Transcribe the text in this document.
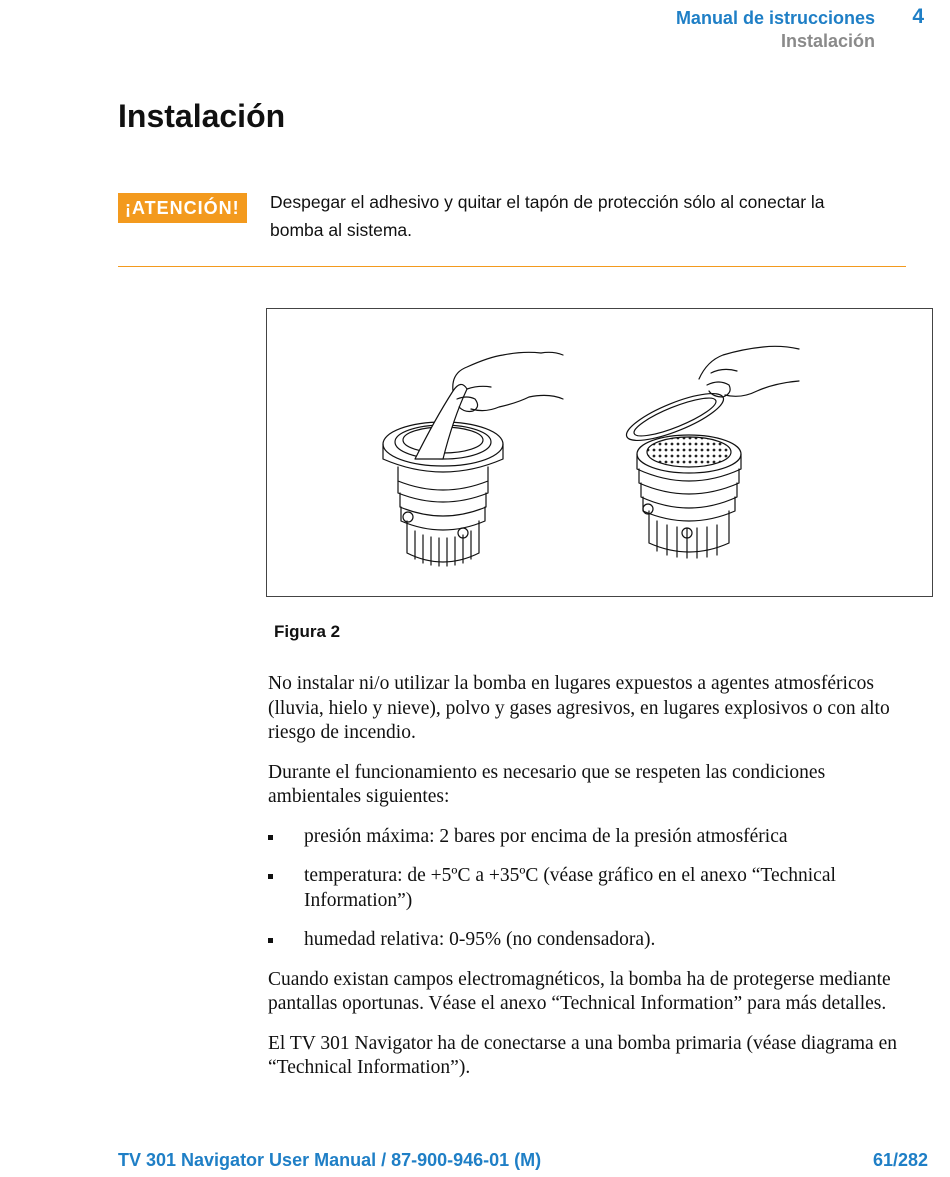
Manual de istrucciones 4
Instalación
Instalación
¡ATENCIÓN!	Despegar el adhesivo y quitar el tapón de protección sólo al conectar la bomba al sistema.
Figura 2

No instalar ni/o utilizar la bomba en lugares expuestos a agentes atmosféricos (lluvia, hielo y nieve), polvo y gases agresivos, en lugares explosivos o con alto riesgo de incendio.

Durante el funcionamiento es necesario que se respeten las condiciones ambientales siguientes:

presión máxima: 2 bares por encima de la presión atmosférica
temperatura: de +5ºC a +35ºC (véase gráfico en el anexo “Technical Information”)
humedad relativa: 0-95% (no condensadora).

Cuando existan campos electromagnéticos, la bomba ha de protegerse mediante pantallas oportunas. Véase el anexo “Technical Information” para más detalles.

El TV 301 Navigator ha de conectarse a una bomba primaria (véase diagrama en “Technical Information”).

TV 301 Navigator User Manual / 87-900-946-01 (M)	61/282
